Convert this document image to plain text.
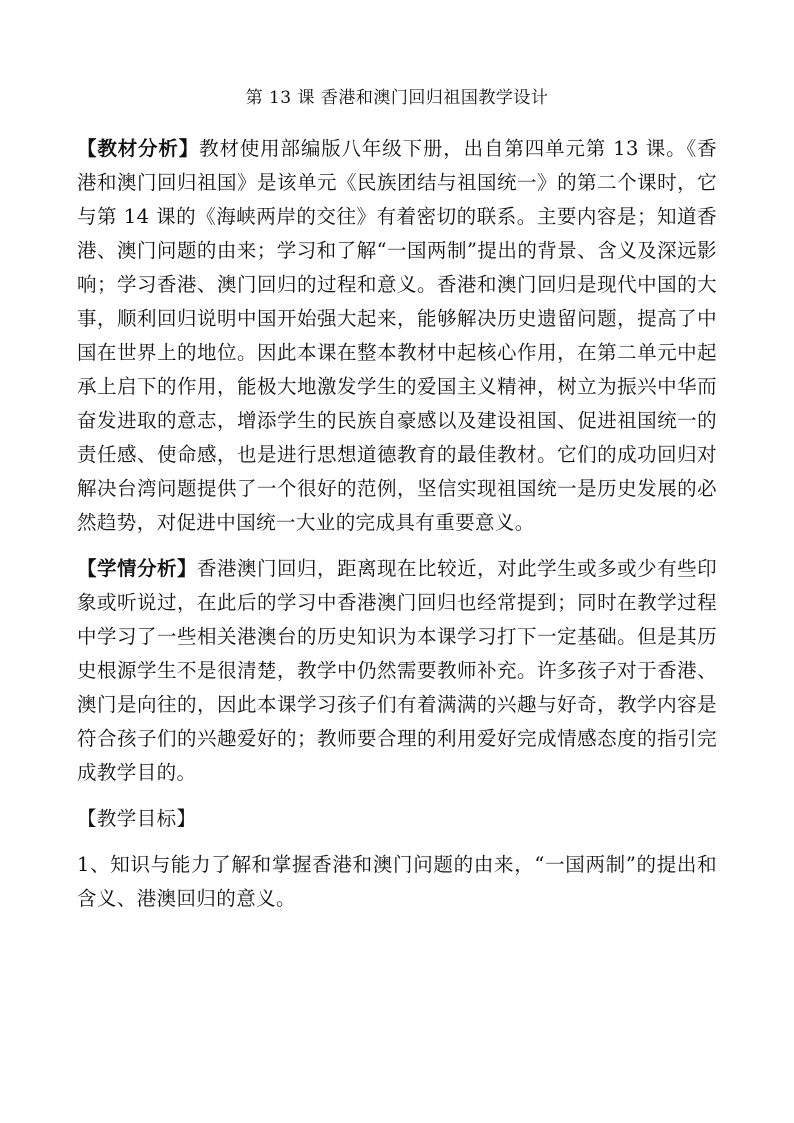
第 13 课 香港和澳门回归祖国教学设计

【教材分析】教材使用部编版八年级下册，出自第四单元第 13 课。《香港和澳门回归祖国》是该单元《民族团结与祖国统一》的第二个课时，它与第 14 课的《海峡两岸的交往》有着密切的联系。主要内容是；知道香港、澳门问题的由来；学习和了解“一国两制”提出的背景、含义及深远影响；学习香港、澳门回归的过程和意义。香港和澳门回归是现代中国的大事，顺利回归说明中国开始强大起来，能够解决历史遗留问题，提高了中国在世界上的地位。因此本课在整本教材中起核心作用，在第二单元中起承上启下的作用，能极大地激发学生的爱国主义精神，树立为振兴中华而奋发进取的意志，增添学生的民族自豪感以及建设祖国、促进祖国统一的责任感、使命感，也是进行思想道德教育的最佳教材。它们的成功回归对解决台湾问题提供了一个很好的范例，坚信实现祖国统一是历史发展的必然趋势，对促进中国统一大业的完成具有重要意义。

【学情分析】香港澳门回归，距离现在比较近，对此学生或多或少有些印象或听说过，在此后的学习中香港澳门回归也经常提到；同时在教学过程中学习了一些相关港澳台的历史知识为本课学习打下一定基础。但是其历史根源学生不是很清楚，教学中仍然需要教师补充。许多孩子对于香港、澳门是向往的，因此本课学习孩子们有着满满的兴趣与好奇，教学内容是符合孩子们的兴趣爱好的；教师要合理的利用爱好完成情感态度的指引完成教学目的。

【教学目标】

1、知识与能力了解和掌握香港和澳门问题的由来，“一国两制”的提出和含义、港澳回归的意义。
